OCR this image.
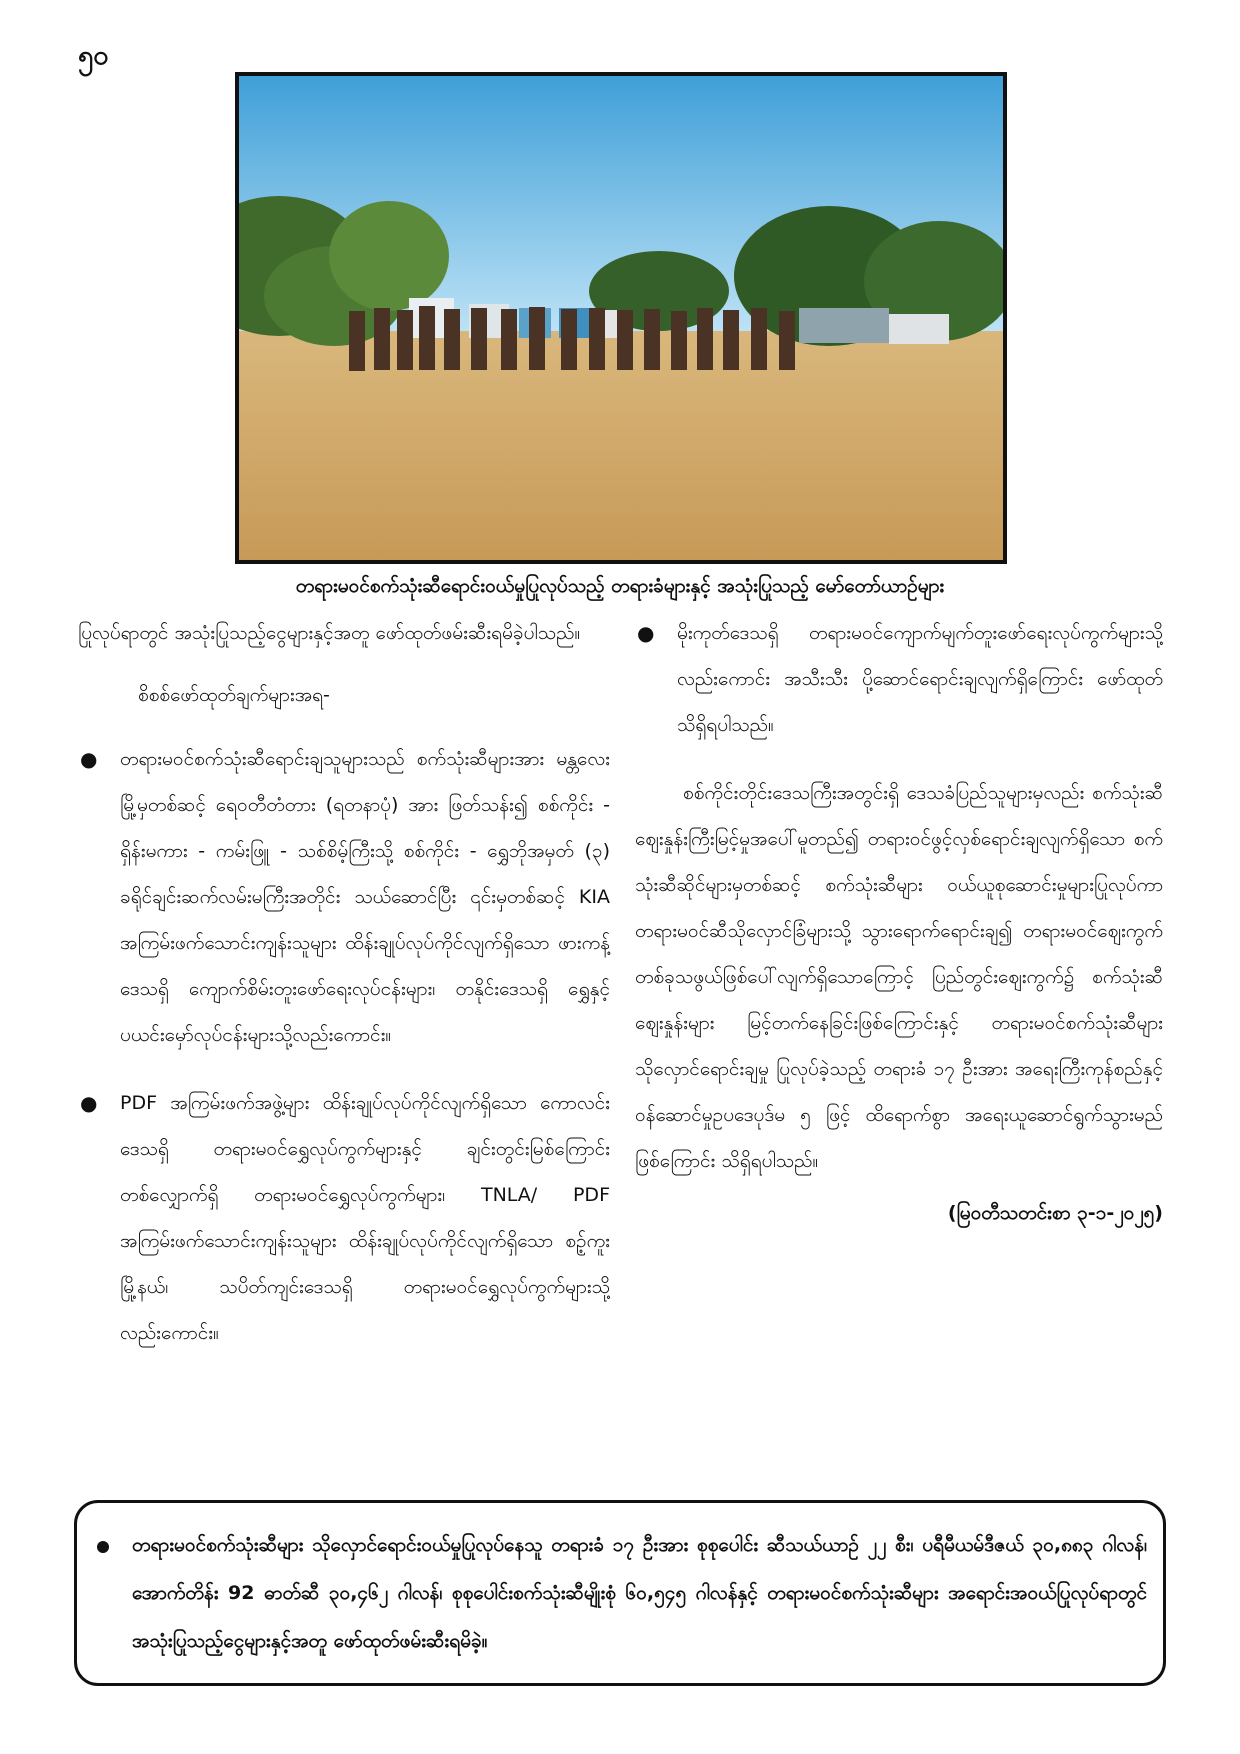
၅၀
တရားမဝင်စက်သုံးဆီရောင်းဝယ်မှုပြုလုပ်သည့် တရားခံများနှင့် အသုံးပြုသည့် မော်တော်ယာဉ်များ

ပြုလုပ်ရာတွင် အသုံးပြုသည့်ငွေများနှင့်အတူ ဖော်ထုတ်ဖမ်းဆီးရမိခဲ့ပါသည်။

စိစစ်ဖော်ထုတ်ချက်များအရ-

● တရားမဝင်စက်သုံးဆီရောင်းချသူများသည် စက်သုံးဆီများအား မန္တလေးမြို့မှတစ်ဆင့် ရေဝတီတံတား (ရတနာပုံ) အား ဖြတ်သန်း၍ စစ်ကိုင်း - ရှိန်းမကား - ကမ်းဖြူ - သစ်စိမ့်ကြီးသို့ စစ်ကိုင်း - ရွှေဘိုအမှတ် (၃) ခရိုင်ချင်းဆက်လမ်းမကြီးအတိုင်း သယ်ဆောင်ပြီး ၎င်းမှတစ်ဆင့် KIA အကြမ်းဖက်သောင်းကျန်းသူများ ထိန်းချုပ်လုပ်ကိုင်လျက်ရှိသော ဖားကန့်ဒေသရှိ ကျောက်စိမ်းတူးဖော်ရေးလုပ်ငန်းများ၊ တနိုင်းဒေသရှိ ရွှေနှင့် ပယင်းမှော်လုပ်ငန်းများသို့လည်းကောင်း။
● PDF အကြမ်းဖက်အဖွဲ့များ ထိန်းချုပ်လုပ်ကိုင်လျက်ရှိသော ကောလင်းဒေသရှိ တရားမဝင်ရွှေလုပ်ကွက်များနှင့် ချင်းတွင်းမြစ်ကြောင်းတစ်လျှောက်ရှိ တရားမဝင်ရွှေလုပ်ကွက်များ၊ TNLA/ PDF အကြမ်းဖက်သောင်းကျန်းသူများ ထိန်းချုပ်လုပ်ကိုင်လျက်ရှိသော စဉ့်ကူးမြို့နယ်၊ သပိတ်ကျင်းဒေသရှိ တရားမဝင်ရွှေလုပ်ကွက်များသို့လည်းကောင်း။
● မိုးကုတ်ဒေသရှိ တရားမဝင်ကျောက်မျက်တူးဖော်ရေးလုပ်ကွက်များသို့လည်းကောင်း အသီးသီး ပို့ဆောင်ရောင်းချလျက်ရှိကြောင်း ဖော်ထုတ်သိရှိရပါသည်။

စစ်ကိုင်းတိုင်းဒေသကြီးအတွင်းရှိ ဒေသခံပြည်သူများမှလည်း စက်သုံးဆီဈေးနှုန်းကြီးမြင့်မှုအပေါ်မူတည်၍ တရားဝင်ဖွင့်လှစ်ရောင်းချလျက်ရှိသော စက်သုံးဆီဆိုင်များမှတစ်ဆင့် စက်သုံးဆီများ ဝယ်ယူစုဆောင်းမှုများပြုလုပ်ကာ တရားမဝင်ဆီသိုလှောင်ခြံများသို့ သွားရောက်ရောင်းချ၍ တရားမဝင်ဈေးကွက်တစ်ခုသဖွယ်ဖြစ်ပေါ်လျက်ရှိသောကြောင့် ပြည်တွင်းဈေးကွက်၌ စက်သုံးဆီဈေးနှုန်းများ မြင့်တက်နေခြင်းဖြစ်ကြောင်းနှင့် တရားမဝင်စက်သုံးဆီများ သိုလှောင်ရောင်းချမှု ပြုလုပ်ခဲ့သည့် တရားခံ ၁၇ ဦးအား အရေးကြီးကုန်စည်နှင့် ဝန်ဆောင်မှုဥပဒေပုဒ်မ ၅ ဖြင့် ထိရောက်စွာ အရေးယူဆောင်ရွက်သွားမည်ဖြစ်ကြောင်း သိရှိရပါသည်။

(မြဝတီသတင်းစာ ၃-၁-၂၀၂၅)

တရားမဝင်စက်သုံးဆီများ သိုလှောင်ရောင်းဝယ်မှုပြုလုပ်နေသူ တရားခံ ၁၇ ဦးအား စုစုပေါင်း ဆီသယ်ယာဉ် ၂၂ စီး၊ ပရီမီယမ်ဒီဇယ် ၃၀,၈၈၃ ဂါလန်၊ အောက်တိန်း 92 ဓာတ်ဆီ ၃၀,၄၆၂ ဂါလန်၊ စုစုပေါင်းစက်သုံးဆီမျိုးစုံ ၆၀,၅၄၅ ဂါလန်နှင့် တရားမဝင်စက်သုံးဆီများ အရောင်းအဝယ်ပြုလုပ်ရာတွင် အသုံးပြုသည့်ငွေများနှင့်အတူ ဖော်ထုတ်ဖမ်းဆီးရမိခဲ့။
